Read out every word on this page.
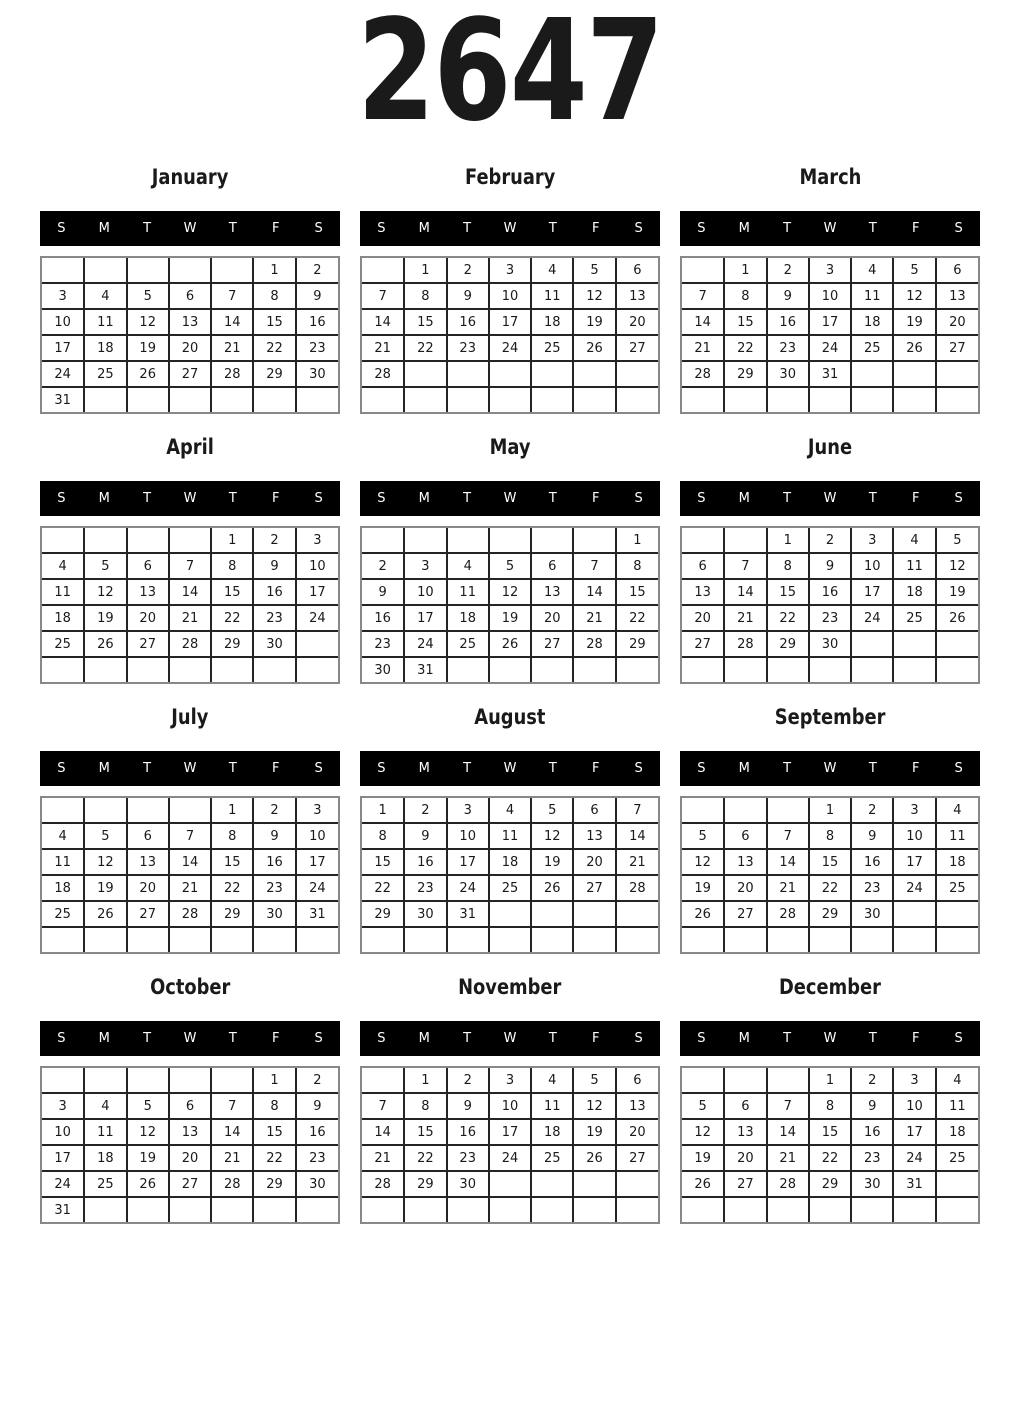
2647
January
S	M	T	W	T	F	S
					1	2
3	4	5	6	7	8	9
10	11	12	13	14	15	16
17	18	19	20	21	22	23
24	25	26	27	28	29	30
31						
February
S	M	T	W	T	F	S
	1	2	3	4	5	6
7	8	9	10	11	12	13
14	15	16	17	18	19	20
21	22	23	24	25	26	27
28						

March
S	M	T	W	T	F	S
	1	2	3	4	5	6
7	8	9	10	11	12	13
14	15	16	17	18	19	20
21	22	23	24	25	26	27
28	29	30	31			

April
S	M	T	W	T	F	S
				1	2	3
4	5	6	7	8	9	10
11	12	13	14	15	16	17
18	19	20	21	22	23	24
25	26	27	28	29	30	

May
S	M	T	W	T	F	S
						1
2	3	4	5	6	7	8
9	10	11	12	13	14	15
16	17	18	19	20	21	22
23	24	25	26	27	28	29
30	31					
June
S	M	T	W	T	F	S
		1	2	3	4	5
6	7	8	9	10	11	12
13	14	15	16	17	18	19
20	21	22	23	24	25	26
27	28	29	30			

July
S	M	T	W	T	F	S
				1	2	3
4	5	6	7	8	9	10
11	12	13	14	15	16	17
18	19	20	21	22	23	24
25	26	27	28	29	30	31

August
S	M	T	W	T	F	S
1	2	3	4	5	6	7
8	9	10	11	12	13	14
15	16	17	18	19	20	21
22	23	24	25	26	27	28
29	30	31				

September
S	M	T	W	T	F	S
			1	2	3	4
5	6	7	8	9	10	11
12	13	14	15	16	17	18
19	20	21	22	23	24	25
26	27	28	29	30		

October
S	M	T	W	T	F	S
					1	2
3	4	5	6	7	8	9
10	11	12	13	14	15	16
17	18	19	20	21	22	23
24	25	26	27	28	29	30
31						
November
S	M	T	W	T	F	S
	1	2	3	4	5	6
7	8	9	10	11	12	13
14	15	16	17	18	19	20
21	22	23	24	25	26	27
28	29	30				

December
S	M	T	W	T	F	S
			1	2	3	4
5	6	7	8	9	10	11
12	13	14	15	16	17	18
19	20	21	22	23	24	25
26	27	28	29	30	31	
